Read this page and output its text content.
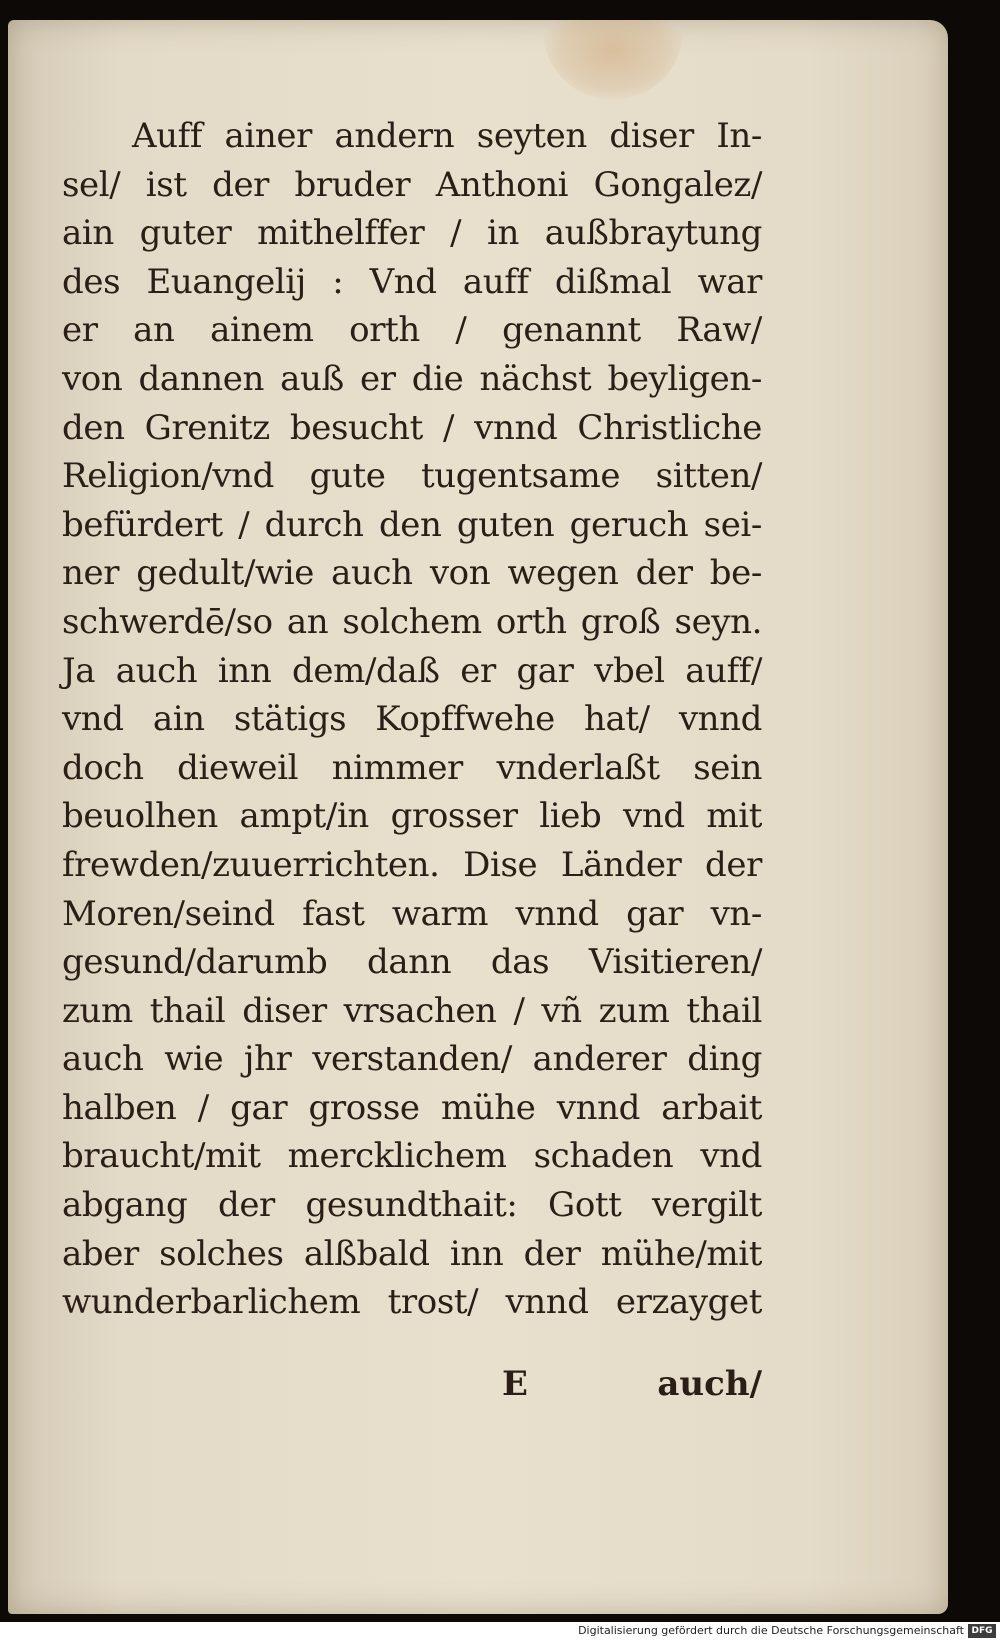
Auff ainer andern seyten diser In-
sel/ ist der bruder Anthoni Gongalez/
ain guter mithelffer / in außbraytung
des Euangelij : Vnd auff dißmal war
er an ainem orth / genannt Raw/
von dannen auß er die nächst beyligen-
den Grenitz besucht / vnnd Christliche
Religion/vnd gute tugentsame sitten/
befürdert / durch den guten geruch sei-
ner gedult/wie auch von wegen der be-
schwerdē/so an solchem orth groß seyn.
Ja auch inn dem/daß er gar vbel auff/
vnd ain stätigs Kopffwehe hat/ vnnd
doch dieweil nimmer vnderlaßt sein
beuolhen ampt/in grosser lieb vnd mit
frewden/zuuerrichten. Dise Länder der
Moren/seind fast warm vnnd gar vn-
gesund/darumb dann das Visitieren/
zum thail diser vrsachen / vñ zum thail
auch wie jhr verstanden/ anderer ding
halben / gar grosse mühe vnnd arbait
braucht/mit mercklichem schaden vnd
abgang der gesundthait: Gott vergilt
aber solches alßbald inn der mühe/mit
wunderbarlichem trost/ vnnd erzayget
E	auch/
Digitalisierung gefördert durch die Deutsche Forschungsgemeinschaft DFG
